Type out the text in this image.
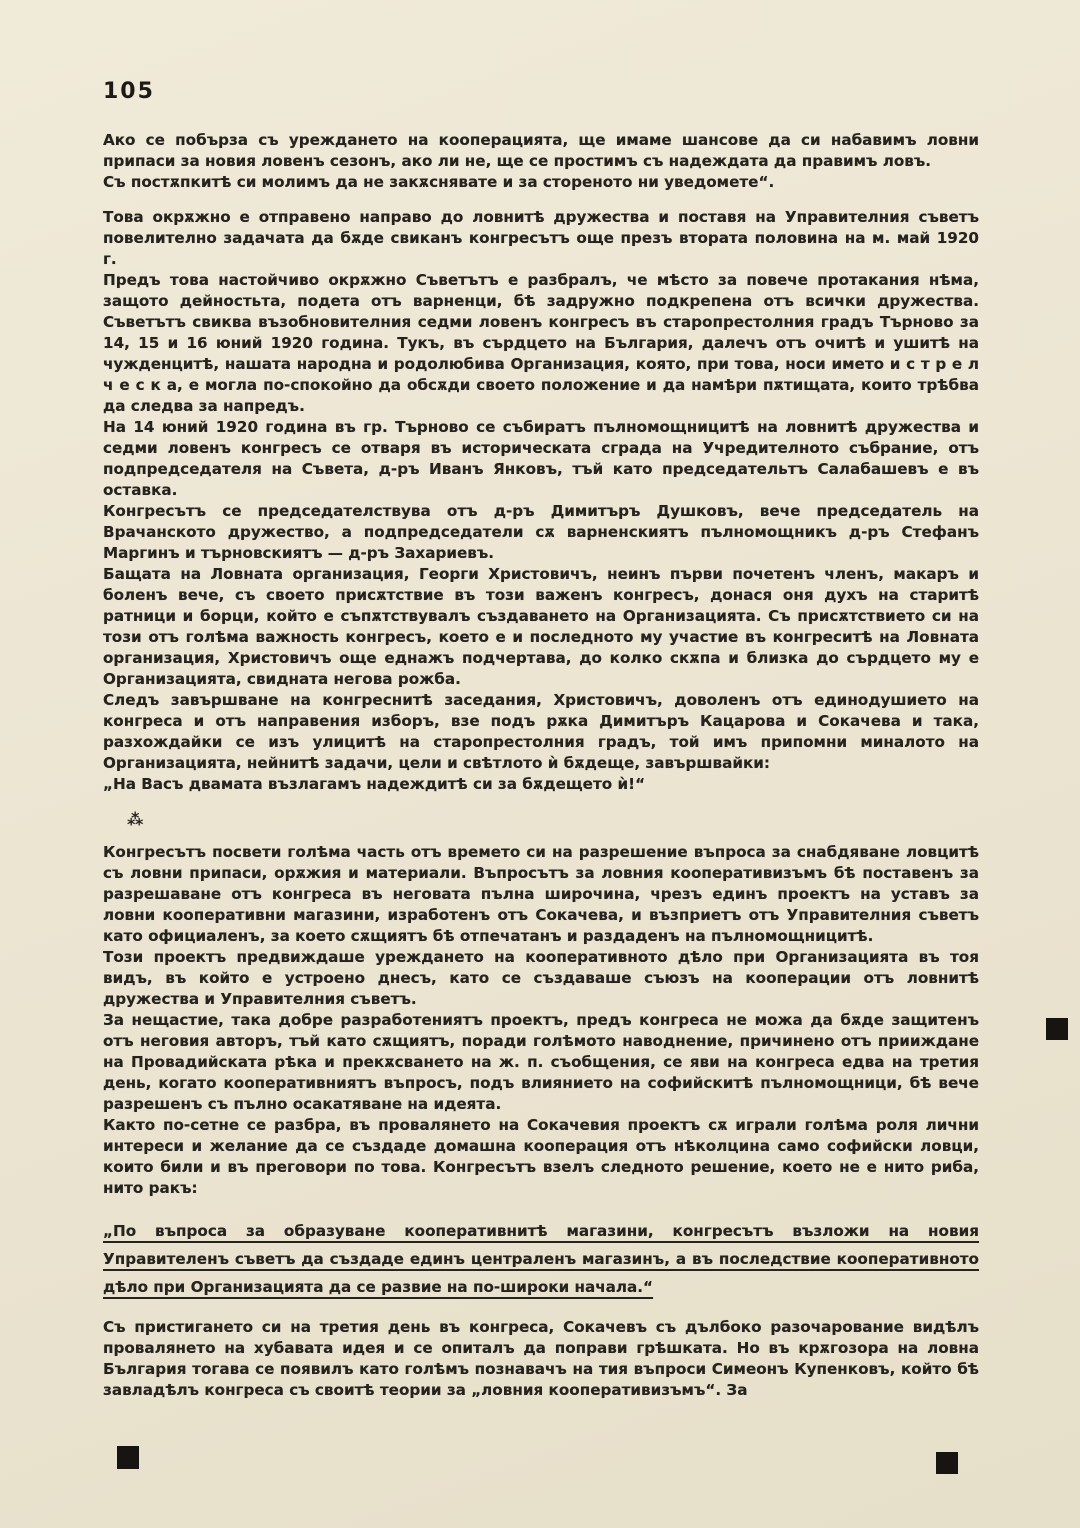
105

Ако се побърза съ уреждането на кооперацията, ще имаме шансове да си набавимъ ловни припаси за новия ловенъ сезонъ, ако ли не, ще се простимъ съ надеждата да правимъ ловъ.

Съ постѫпкитѣ си молимъ да не закѫснявате и за стореното ни уведомете“.

Това окрѫжно е отправено направо до ловнитѣ дружества и поставя на Управителния съветъ повелително задачата да бѫде свиканъ конгресътъ още презъ втората половина на м. май 1920 г.

Предъ това настойчиво окрѫжно Съветътъ е разбралъ, че мѣсто за повече протакания нѣма, защото дейностьта, подета отъ варненци, бѣ задружно подкрепена отъ всички дружества. Съветътъ свиква възобновителния седми ловенъ конгресъ въ старопрестолния градъ Търново за 14, 15 и 16 юний 1920 година. Тукъ, въ сърдцето на България, далечъ отъ очитѣ и ушитѣ на чужденцитѣ, нашата народна и родолюбива Организация, която, при това, носи името и с т р е л ч е с к а, е могла по-спокойно да обсѫди своето положение и да намѣри пѫтищата, които трѣбва да следва за напредъ.

На 14 юний 1920 година въ гр. Търново се събиратъ пълномощницитѣ на ловнитѣ дружества и седми ловенъ конгресъ се отваря въ историческата сграда на Учредителното събрание, отъ подпредседателя на Съвета, д-ръ Иванъ Янковъ, тъй като председательтъ Салабашевъ е въ оставка.

Конгресътъ се председателствува отъ д-ръ Димитъръ Душковъ, вече председатель на Врачанското дружество, а подпредседатели сѫ варненскиятъ пълномощникъ д-ръ Стефанъ Маргинъ и търновскиятъ — д-ръ Захариевъ.

Бащата на Ловната организация, Георги Христовичъ, неинъ първи почетенъ членъ, макаръ и боленъ вече, съ своето присѫтствие въ този важенъ конгресъ, донася оня духъ на старитѣ ратници и борци, който е съпѫтствувалъ създаването на Организацията. Съ присѫтствието си на този отъ голѣма важность конгресъ, което е и последното му участие въ конгреситѣ на Ловната организация, Христовичъ още еднажъ подчертава, до колко скѫпа и близка до сърдцето му е Организацията, свидната негова рожба.

Следъ завършване на конгреснитѣ заседания, Христовичъ, доволенъ отъ единодушието на конгреса и отъ направения изборъ, взе подъ рѫка Димитъръ Кацарова и Сокачева и така, разхождайки се изъ улицитѣ на старопрестолния градъ, той имъ припомни миналото на Организацията, нейнитѣ задачи, цели и свѣтлото ѝ бѫдеще, завършвайки:

„На Васъ двамата възлагамъ надеждитѣ си за бѫдещето ѝ!“

⁂

Конгресътъ посвети голѣма часть отъ времето си на разрешение въпроса за снабдяване ловцитѣ съ ловни припаси, орѫжия и материали. Въпросътъ за ловния кооперативизъмъ бѣ поставенъ за разрешаване отъ конгреса въ неговата пълна широчина, чрезъ единъ проектъ на уставъ за ловни кооперативни магазини, изработенъ отъ Сокачева, и възприетъ отъ Управителния съветъ като официаленъ, за което сѫщиятъ бѣ отпечатанъ и раздаденъ на пълномощницитѣ.

Този проектъ предвиждаше уреждането на кооперативното дѣло при Организацията въ тоя видъ, въ който е устроено днесъ, като се създаваше съюзъ на кооперации отъ ловнитѣ дружества и Управителния съветъ.

За нещастие, така добре разработениятъ проектъ, предъ конгреса не можа да бѫде защитенъ отъ неговия авторъ, тъй като сѫщиятъ, поради голѣмото наводнение, причинено отъ прииждане на Провадийската рѣка и прекѫсването на ж. п. съобщения, се яви на конгреса едва на третия день, когато кооперативниятъ въпросъ, подъ влиянието на софийскитѣ пълномощници, бѣ вече разрешенъ съ пълно осакатяване на идеята.

Както по-сетне се разбра, въ провалянето на Сокачевия проектъ сѫ играли голѣма роля лични интереси и желание да се създаде домашна кооперация отъ нѣколцина само софийски ловци, които били и въ преговори по това. Конгресътъ взелъ следното решение, което не е нито риба, нито ракъ:

„По въпроса за образуване кооперативнитѣ магазини, конгресътъ възложи на новия Управителенъ съветъ да създаде единъ централенъ магазинъ, а въ последствие кооперативното дѣло при Организацията да се развие на по-широки начала.“

Съ пристигането си на третия день въ конгреса, Сокачевъ съ дълбоко разочарование видѣлъ провалянето на хубавата идея и се опиталъ да поправи грѣшката. Но въ крѫгозора на ловна България тогава се появилъ като голѣмъ познавачъ на тия въпроси Симеонъ Купенковъ, който бѣ завладѣлъ конгреса съ своитѣ теории за „ловния кооперативизъмъ“. За
